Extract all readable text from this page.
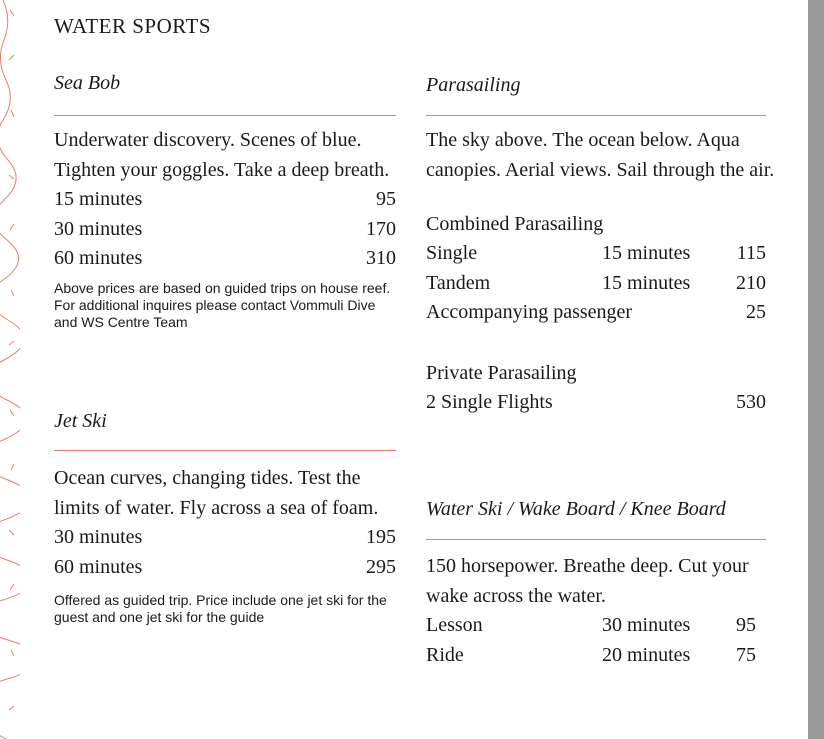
WATER SPORTS
Sea Bob
Underwater discovery. Scenes of blue. Tighten your goggles. Take a deep breath.
15 minutes	95
30 minutes	170
60 minutes	310
Above prices are based on guided trips on house reef. For additional inquires please contact Vommuli Dive and WS Centre Team
Jet Ski
Ocean curves, changing tides. Test the limits of water. Fly across a sea of foam.
30 minutes	195
60 minutes	295
Offered as guided trip. Price include one jet ski for the guest and one jet ski for the guide
Parasailing
The sky above. The ocean below. Aqua canopies. Aerial views. Sail through the air.
Combined Parasailing
Single	15 minutes 115
Tandem	15 minutes 210
Accompanying passenger	25
Private Parasailing
2 Single Flights	530
Water Ski / Wake Board / Knee Board
150 horsepower. Breathe deep. Cut your wake across the water.
Lesson	30 minutes 95
Ride	20 minutes 75
